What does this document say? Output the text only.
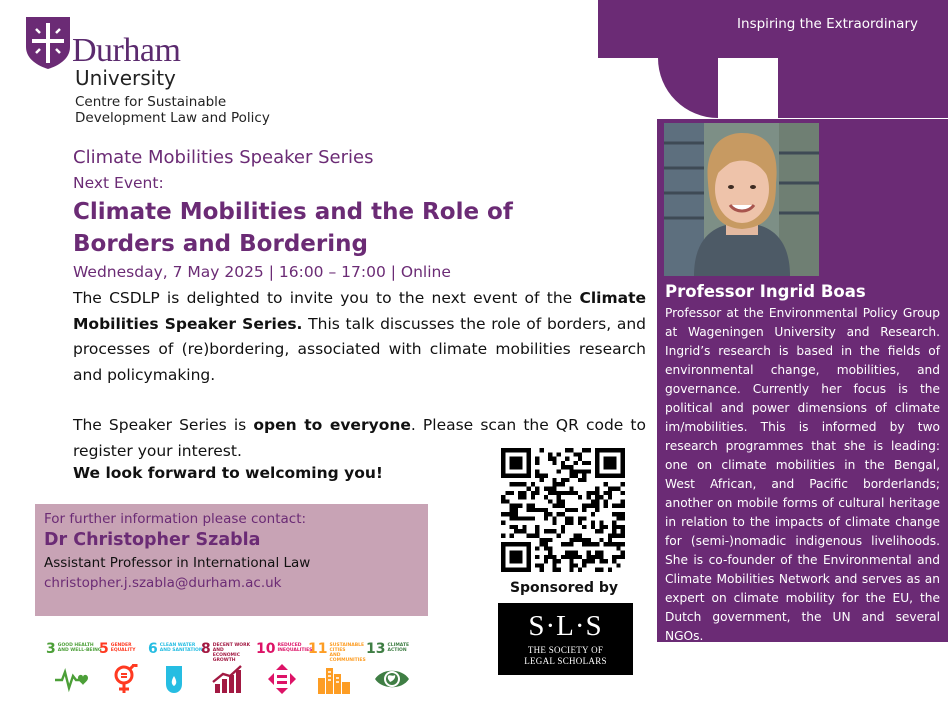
Durham
University
Centre for Sustainable
Development Law and Policy
Inspiring the Extraordinary
Climate Mobilities Speaker Series
Next Event:
Climate Mobilities and the Role of
Borders and Bordering
Wednesday, 7 May 2025 | 16:00 – 17:00 | Online
The CSDLP is delighted to invite you to the next event of the Climate Mobilities Speaker Series. This talk discusses the role of borders, and processes of (re)bordering, associated with climate mobilities research and policymaking.
The Speaker Series is open to everyone. Please scan the QR code to register your interest.
We look forward to welcoming you!
For further information please contact:
Dr Christopher Szabla
Assistant Professor in International Law
christopher.j.szabla@durham.ac.uk	Sponsored by
S·L·S
THE SOCIETY OF
LEGAL SCHOLARS
3 GOOD HEALTH
AND WELL-BEING
5 GENDER
EQUALITY 6 CLEAN WATER
AND SANITATION
8 DECENT WORK AND
ECONOMIC GROWTH
10 REDUCED
INEQUALITIES
11 SUSTAINABLE CITIES
AND COMMUNITIES
13 CLIMATE
ACTION
Professor Ingrid Boas
Professor at the Environmental Policy Group at Wageningen University and Research. Ingrid’s research is based in the fields of environmental change, mobilities, and governance. Currently her focus is the political and power dimensions of climate im/mobilities. This is informed by two research programmes that she is leading: one on climate mobilities in the Bengal, West African, and Pacific borderlands; another on mobile forms of cultural heritage in relation to the impacts of climate change for (semi-)nomadic indigenous livelihoods. She is co-founder of the Environmental and Climate Mobilities Network and serves as an expert on climate mobility for the EU, the Dutch government, the UN and several NGOs.
